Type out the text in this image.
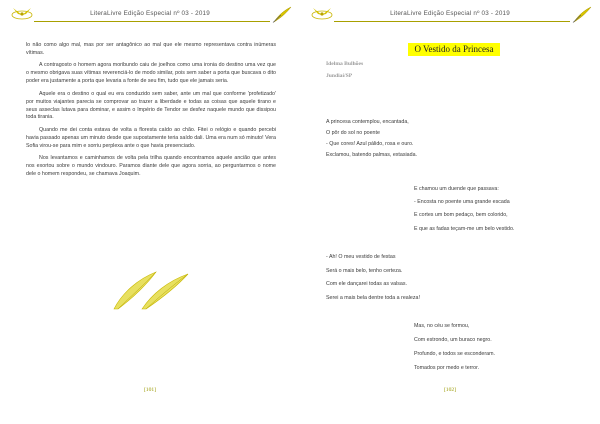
LiteraLivre Edição Especial nº 03 - 2019

lo não como algo mal, mas por ser antagônico ao mal que ele mesmo representava contra inúmeras vítimas.

A contragosto o homem agora moribundo caiu de joelhos como uma ironia do destino uma vez que o mesmo obrigava suas vítimas reverenciá-lo de modo similar, pois sem saber a porta que buscava o dito poder era justamente a porta que levaria a fonte de seu fim, tudo que ele jamais seria.

Aquele era o destino o qual eu era conduzido sem saber, ante um mal que conforme 'profetizado' por muitos viajantes parecia se comprovar ao trazer a liberdade e todas as coisas que aquele tirano e seus asseclas lutava para dominar, e assim o Império de Tendor se desfez naquele mundo que dissipou toda tirania.

Quando me dei conta estava de volta a floresta caído ao chão. Fitei o relógio e quando percebi havia passado apenas um minuto desde que supostamente teria saído dali. Uma era num só minuto! Vera Sofia virou-se para mim e sorriu perplexa ante o que havia presenciado.

Nos levantamos e caminhamos de volta pela trilha quando encontramos aquele ancião que antes nos exortou sobre o mundo vindouro. Paramos diante dele que agora sorria, ao perguntarmos o nome dele o homem respondeu, se chamava Joaquim.

[101]
LiteraLivre Edição Especial nº 03 - 2019
[102]
O Vestido da Princesa
Idelma Bulhões
Jundiaí/SP
A princesa contemplou, encantada,
O pôr do sol no poente
- Que cores! Azul pálido, rosa e ouro.
Exclamou, batendo palmas, extasiada.
E chamou um duende que passava:
- Encosta no poente uma grande escada
E cortes um bom pedaço, bem colorido,
E que as fadas teçam-me um belo vestido.
- Ah! O meu vestido de festas
Será o mais belo, tenho certeza.
Com ele dançarei todas as valsas.
Serei a mais bela dentre toda a realeza!
Mas, no céu se formou,
Com estrondo, um buraco negro.
Profundo, e todos se esconderam.
Tomados por medo e terror.
